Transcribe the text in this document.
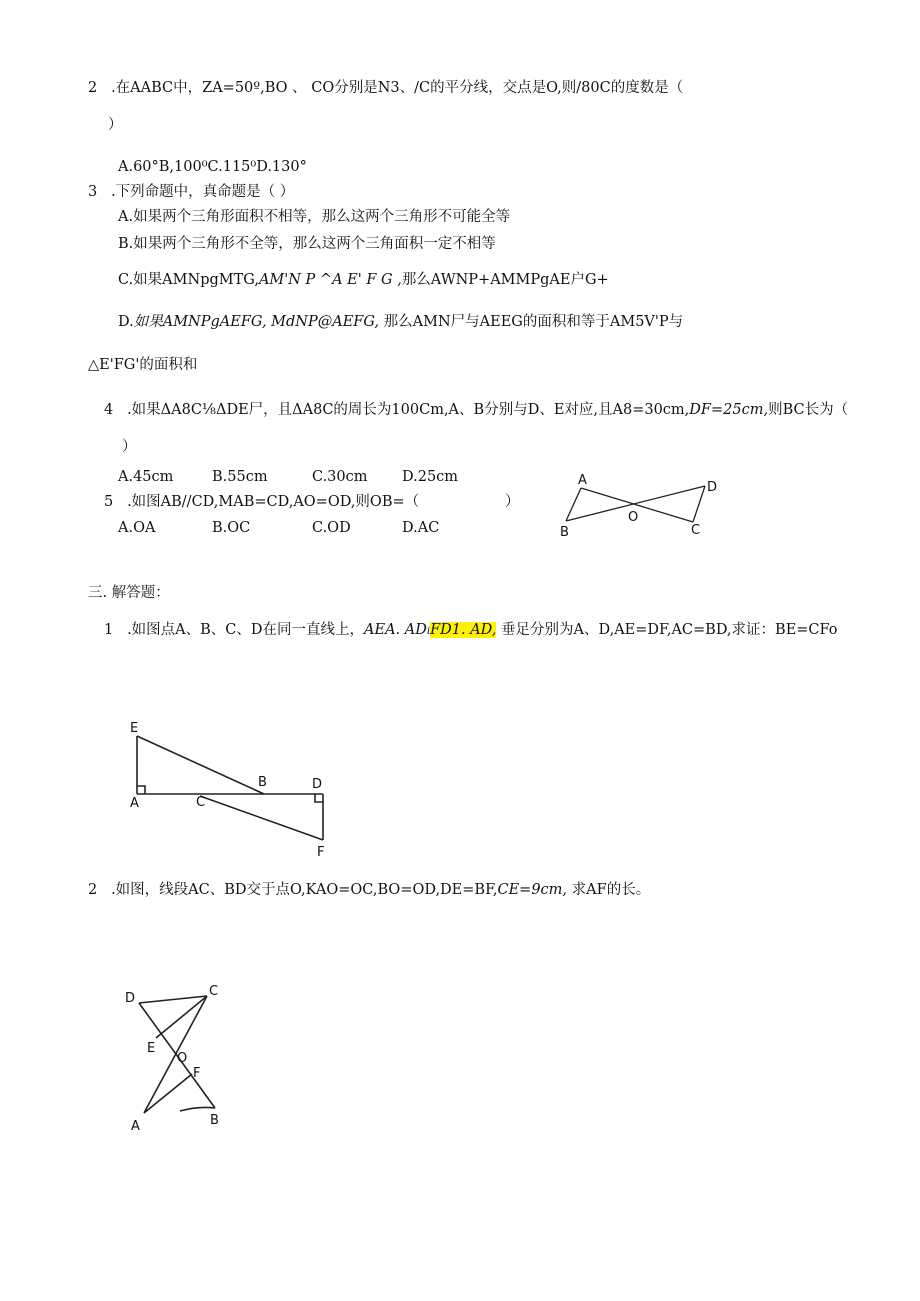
2 .在AABC中，ZA=50º,BO 、 CO分别是N3、/C的平分线，交点是O,则/80C的度数是（
）
A.60°B,100⁰C.115⁰D.130°
3 .下列命题中，真命题是（ ）
A.如果两个三角形面积不相等，那么这两个三角形不可能全等
B.如果两个三角形不全等，那么这两个三角面积一定不相等
C.如果AMNpgMTG,AM'N P ^A E' F G ,那么AWNP+AMMPgAE户G+
D.如果AMNPgAEFG, MdNP@AEFG, 那么AMN尸与AEEG的面积和等于AM5V'P与
△E'FG'的面积和
4 .如果ΔA8C⅛ΔDE尸，且ΔA8C的周长为100Cm,A、B分别与D、E对应,且A8=30cm,DF=25cm,则BC长为（
）
A.45cm	B.55cm	C.30cm D.25cm
5 .如图AB//CD,MAB=CD,AO=OD,则OB=（	）
A.OA	B.OC	C.OD	D.AC
A
B	C
D
O
三. 解答题：
1 .如图点A、B、C、D在同一直线上，AEA. ADiFD1. AD, 垂足分别为A、D,AE=DF,AC=BD,求证：BE=CFo
E
A
B
C
D
F
2 .如图，线段AC、BD交于点O,KAO=OC,BO=OD,DE=BF,CE=9cm, 求AF的长。
D	C
E
O
F
A	B
